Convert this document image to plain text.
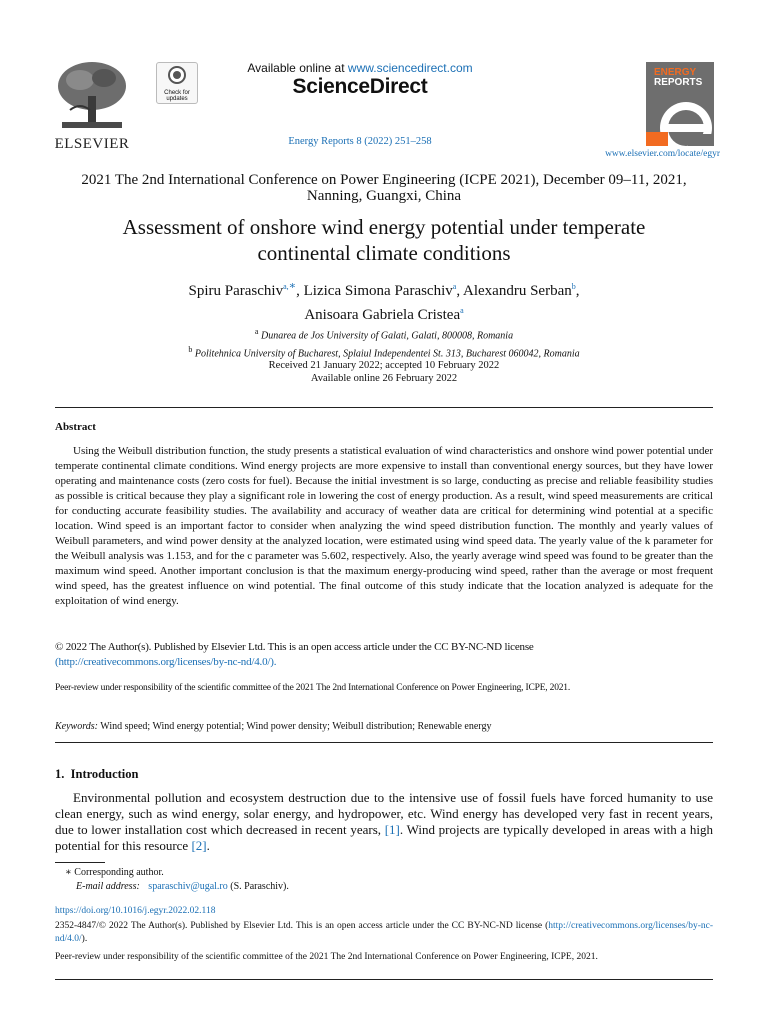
ELSEVIER
Check for
updates
Available online at www.sciencedirect.com
ScienceDirect
Energy Reports 8 (2022) 251–258
ENERGY
REPORTS
www.elsevier.com/locate/egyr
2021 The 2nd International Conference on Power Engineering (ICPE 2021), December 09–11, 2021, Nanning, Guangxi, China
Assessment of onshore wind energy potential under temperate
continental climate conditions
Spiru Paraschiv$^{a,∗}$, Lizica Simona Paraschiv$^a$, Alexandru Serban$^b$,
Anisoara Gabriela Cristea$^a$
$^a$ Dunarea de Jos University of Galati, Galati, 800008, Romania
$^b$ Politehnica University of Bucharest, Splaiul Independentei St. 313, Bucharest 060042, Romania
Received 21 January 2022; accepted 10 February 2022
Available online 26 February 2022
Abstract
Using the Weibull distribution function, the study presents a statistical evaluation of wind characteristics and onshore wind power potential under temperate continental climate conditions. Wind energy projects are more expensive to install than conventional energy sources, but they have lower operating and maintenance costs (zero costs for fuel). Because the initial investment is so large, conducting as precise and reliable feasibility studies as possible is critical because they play a significant role in lowering the cost of energy production. As a result, wind speed measurements are critical for conducting accurate feasibility studies. The availability and accuracy of weather data are critical for determining wind potential at a specific location. Wind speed is an important factor to consider when analyzing the wind speed distribution function. The monthly and yearly values of Weibull parameters, and wind power density at the analyzed location, were estimated using wind speed data. The yearly value of the k parameter for the Weibull analysis was 1.153, and for the c parameter was 5.602, respectively. Also, the yearly average wind speed was found to be greater than the maximum wind speed. Another important conclusion is that the maximum energy-producing wind speed, rather than the average or most frequent wind speed, has the greatest influence on wind potential. The final outcome of this study indicate that the location analyzed is adequate for the exploitation of wind energy.
© 2022 The Author(s). Published by Elsevier Ltd. This is an open access article under the CC BY-NC-ND license
(http://creativecommons.org/licenses/by-nc-nd/4.0/).
Peer-review under responsibility of the scientific committee of the 2021 The 2nd International Conference on Power Engineering, ICPE, 2021.
Keywords: Wind speed; Wind energy potential; Wind power density; Weibull distribution; Renewable energy
1.  Introduction
Environmental pollution and ecosystem destruction due to the intensive use of fossil fuels have forced humanity to use clean energy, such as wind energy, solar energy, and hydropower, etc. Wind energy has developed very fast in recent years, due to lower installation cost which decreased in recent years, [1]. Wind projects are typically developed in areas with a high potential for this resource [2].
∗ Corresponding author.
E-mail address: sparaschiv@ugal.ro (S. Paraschiv).
https://doi.org/10.1016/j.egyr.2022.02.118
2352-4847/© 2022 The Author(s). Published by Elsevier Ltd. This is an open access article under the CC BY-NC-ND license (http://creativecommons.org/licenses/by-nc-nd/4.0/).
Peer-review under responsibility of the scientific committee of the 2021 The 2nd International Conference on Power Engineering, ICPE, 2021.
